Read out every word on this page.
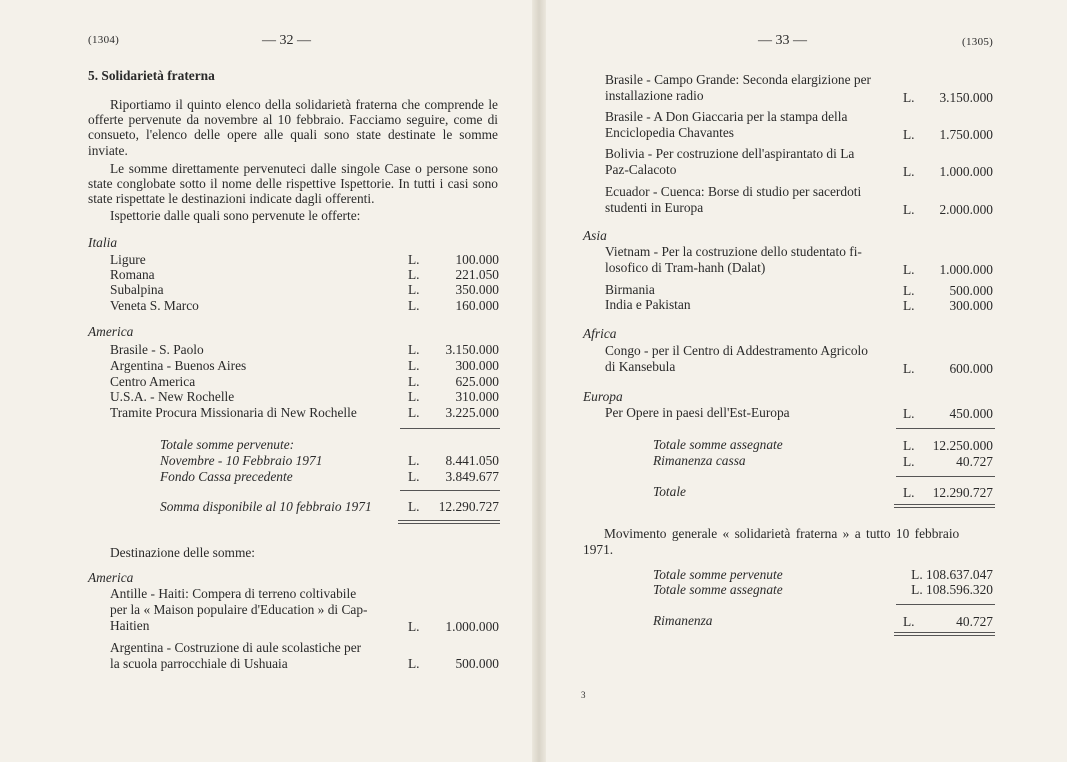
(1304)	— 32 —
5. Solidarietà fraterna
Riportiamo il quinto elenco della solidarietà fraterna che comprende le offerte pervenute da novembre al 10 febbraio. Facciamo seguire, come di consueto, l'elenco delle opere alle quali sono state destinate le somme inviate.
Le somme direttamente pervenuteci dalle singole Case o persone sono state conglobate sotto il nome delle rispettive Ispettorie. In tutti i casi sono state rispettate le destinazioni indicate dagli offerenti.
Ispettorie dalle quali sono pervenute le offerte:
Italia
Ligure	L.	100.000
Romana	L.	221.050
Subalpina	L.	350.000
Veneta S. Marco	L.	160.000
America
Brasile - S. Paolo	L.	3.150.000
Argentina - Buenos Aires	L.	300.000
Centro America	L.	625.000
U.S.A. - New Rochelle	L.	310.000
Tramite Procura Missionaria di New Rochelle	L.	3.225.000
Totale somme pervenute:
Novembre - 10 Febbraio 1971	L.	8.441.050
Fondo Cassa precedente	L.	3.849.677
Somma disponibile al 10 febbraio 1971	L.	12.290.727
Destinazione delle somme:
America
Antille - Haiti: Compera di terreno coltivabile
per la « Maison populaire d'Education » di Cap-
Haitien	L.	1.000.000
Argentina - Costruzione di aule scolastiche per
la scuola parrocchiale di Ushuaia	L.	500.000
— 33 —	(1305)
Brasile - Campo Grande: Seconda elargizione per
installazione radio	L.	3.150.000
Brasile - A Don Giaccaria per la stampa della
Enciclopedia Chavantes	L.	1.750.000
Bolivia - Per costruzione dell'aspirantato di La
Paz-Calacoto	L.	1.000.000
Ecuador - Cuenca: Borse di studio per sacerdoti
studenti in Europa	L.	2.000.000
Asia
Vietnam - Per la costruzione dello studentato fi-
losofico di Tram-hanh (Dalat)	L.	1.000.000
Birmania	L.	500.000
India e Pakistan	L.	300.000
Africa
Congo - per il Centro di Addestramento Agricolo
di Kansebula	L.	600.000
Europa
Per Opere in paesi dell'Est-Europa	L.	450.000
Totale somme assegnate	L.	12.250.000
Rimanenza cassa	L.	40.727
Totale	L.	12.290.727
Movimento generale « solidarietà fraterna » a tutto 10 febbraio
1971.
Totale somme pervenute	L. 108.637.047
Totale somme assegnate	L. 108.596.320
Rimanenza	L.	40.727
3
